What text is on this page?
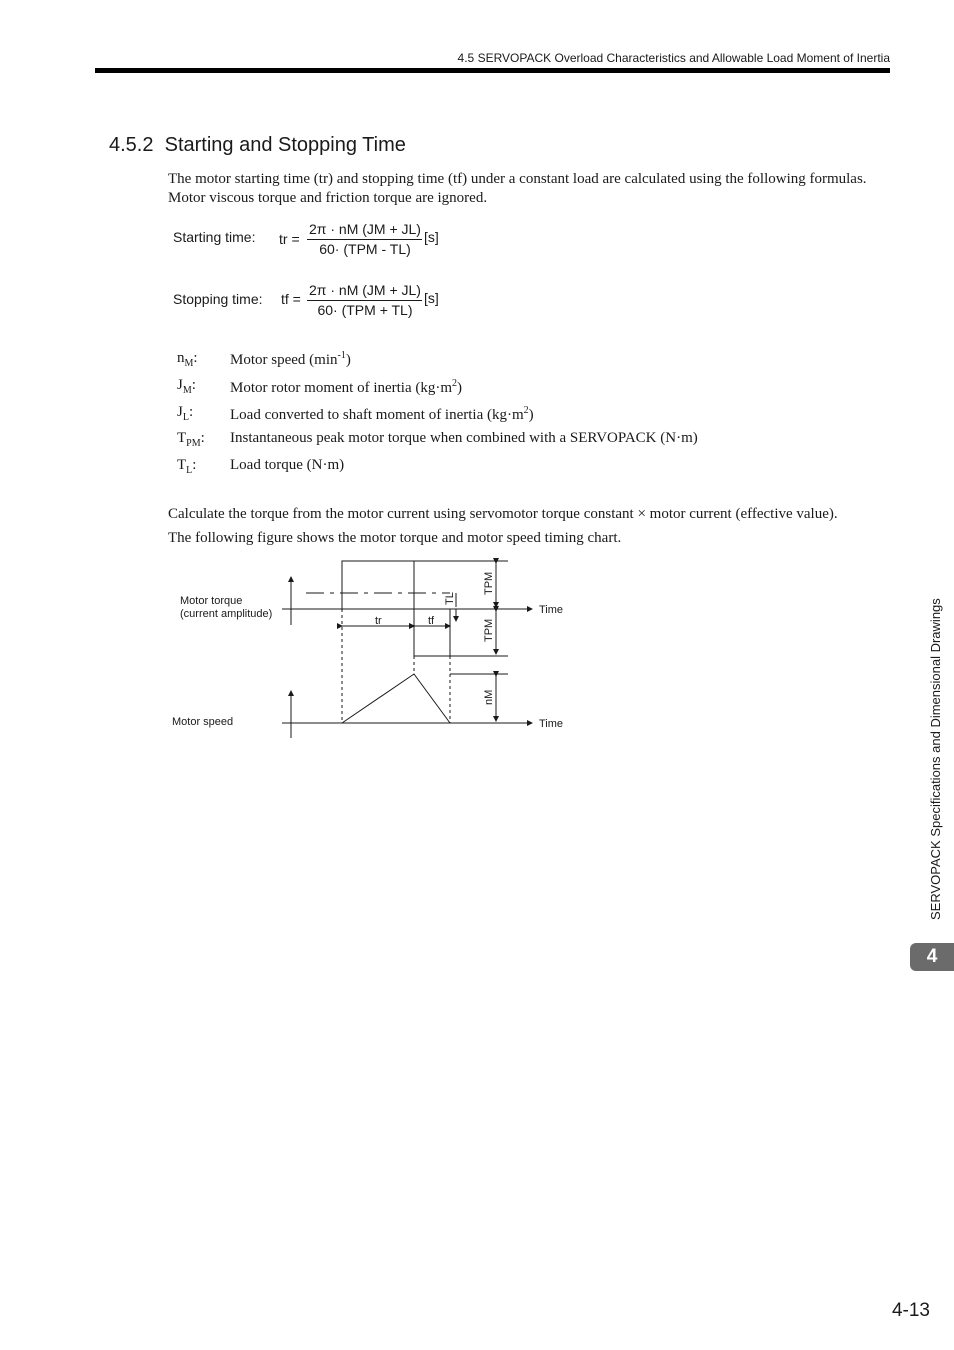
4.5 SERVOPACK Overload Characteristics and Allowable Load Moment of Inertia
4.5.2 Starting and Stopping Time
The motor starting time (tr) and stopping time (tf) under a constant load are calculated using the following formulas. Motor viscous torque and friction torque are ignored.
Starting time: tr =
2π · nM (JM + JL)
60· (TPM - TL)
[s]
Stopping time: tf =
2π · nM (JM + JL)
60· (TPM + TL)
[s]
$n_M$: Motor speed $(\min^{-1})$
$J_M$: Motor rotor moment of inertia $(kg\cdot m^2)$
$J_L$: Load converted to shaft moment of inertia $(kg\cdot m^2)$
$T_{PM}$: Instantaneous peak motor torque when combined with a SERVOPACK (N·m)
$T_L$: Load torque (N·m)
Calculate the torque from the motor current using servomotor torque constant × motor current (effective value).
The following figure shows the motor torque and motor speed timing chart.
Motor torque
(current amplitude)	Time
tr	tf
TL
TPM
TPM
Motor speed	Time
nM	SERVOPACK Specifications and Dimensional Drawings
4
4-13
